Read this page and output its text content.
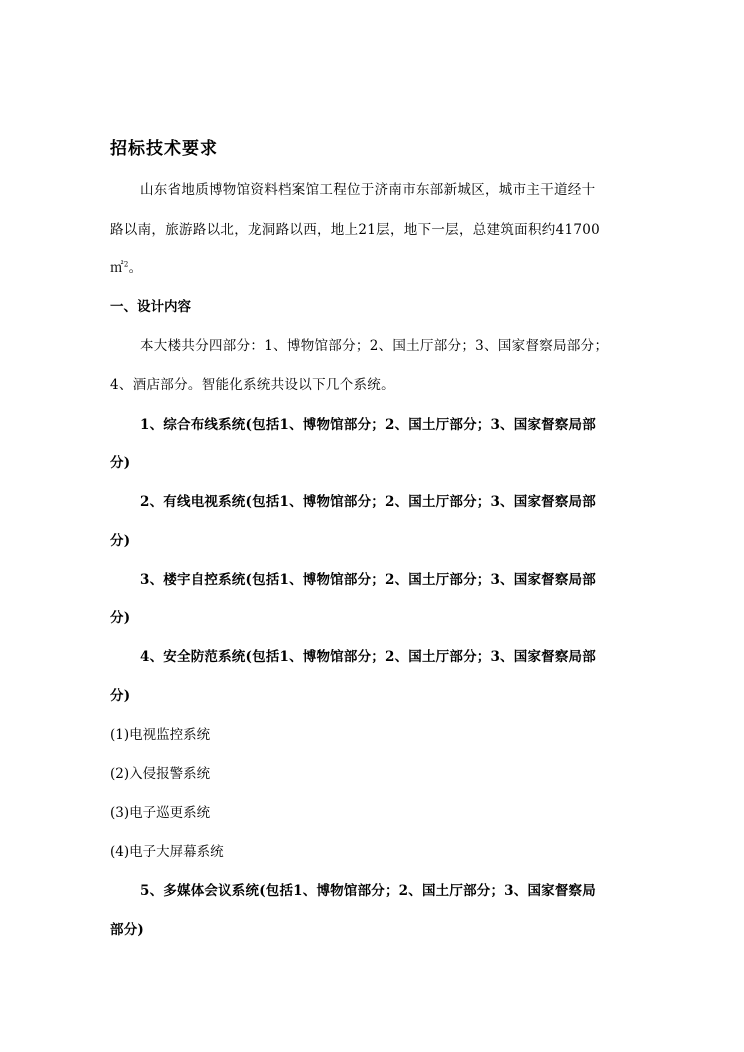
招标技术要求
山东省地质博物馆资料档案馆工程位于济南市东部新城区，城市主干道经十
路以南，旅游路以北，龙洞路以西，地上21层，地下一层，总建筑面积约41700
㎡$^2$。
一、设计内容
本大楼共分四部分：1、博物馆部分；2、国土厅部分；3、国家督察局部分；
4、酒店部分。智能化系统共设以下几个系统。
1、综合布线系统(包括1、博物馆部分；2、国土厅部分；3、国家督察局部
分)
2、有线电视系统(包括1、博物馆部分；2、国土厅部分；3、国家督察局部
分)
3、楼宇自控系统(包括1、博物馆部分；2、国土厅部分；3、国家督察局部
分)
4、安全防范系统(包括1、博物馆部分；2、国土厅部分；3、国家督察局部
分)
(1)电视监控系统
(2)入侵报警系统
(3)电子巡更系统
(4)电子大屏幕系统
5、多媒体会议系统(包括1、博物馆部分；2、国土厅部分；3、国家督察局
部分)
